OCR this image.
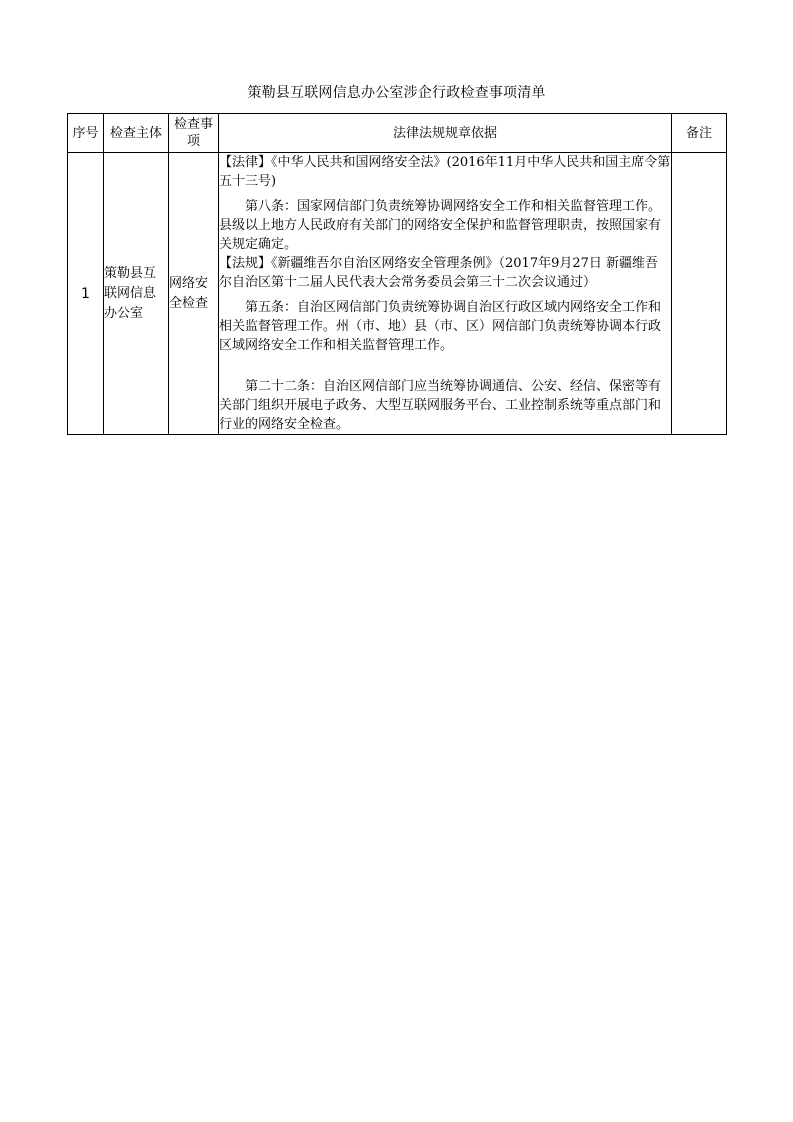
策勒县互联网信息办公室涉企行政检查事项清单
序号	检查主体	检查事项	法律法规规章依据	备注
1	策勒县互联网信息办公室	网络安全检查	【法律】《中华人民共和国网络安全法》(2016年11月中华人民共和国主席令第五十三号)

第八条：国家网信部门负责统筹协调网络安全工作和相关监督管理工作。县级以上地方人民政府有关部门的网络安全保护和监督管理职责，按照国家有关规定确定。

【法规】《新疆维吾尔自治区网络安全管理条例》（2017年9月27日 新疆维吾尔自治区第十二届人民代表大会常务委员会第三十二次会议通过）

第五条：自治区网信部门负责统筹协调自治区行政区域内网络安全工作和相关监督管理工作。州（市、地）县（市、区）网信部门负责统筹协调本行政区域网络安全工作和相关监督管理工作。

第二十二条：自治区网信部门应当统筹协调通信、公安、经信、保密等有关部门组织开展电子政务、大型互联网服务平台、工业控制系统等重点部门和行业的网络安全检查。	
